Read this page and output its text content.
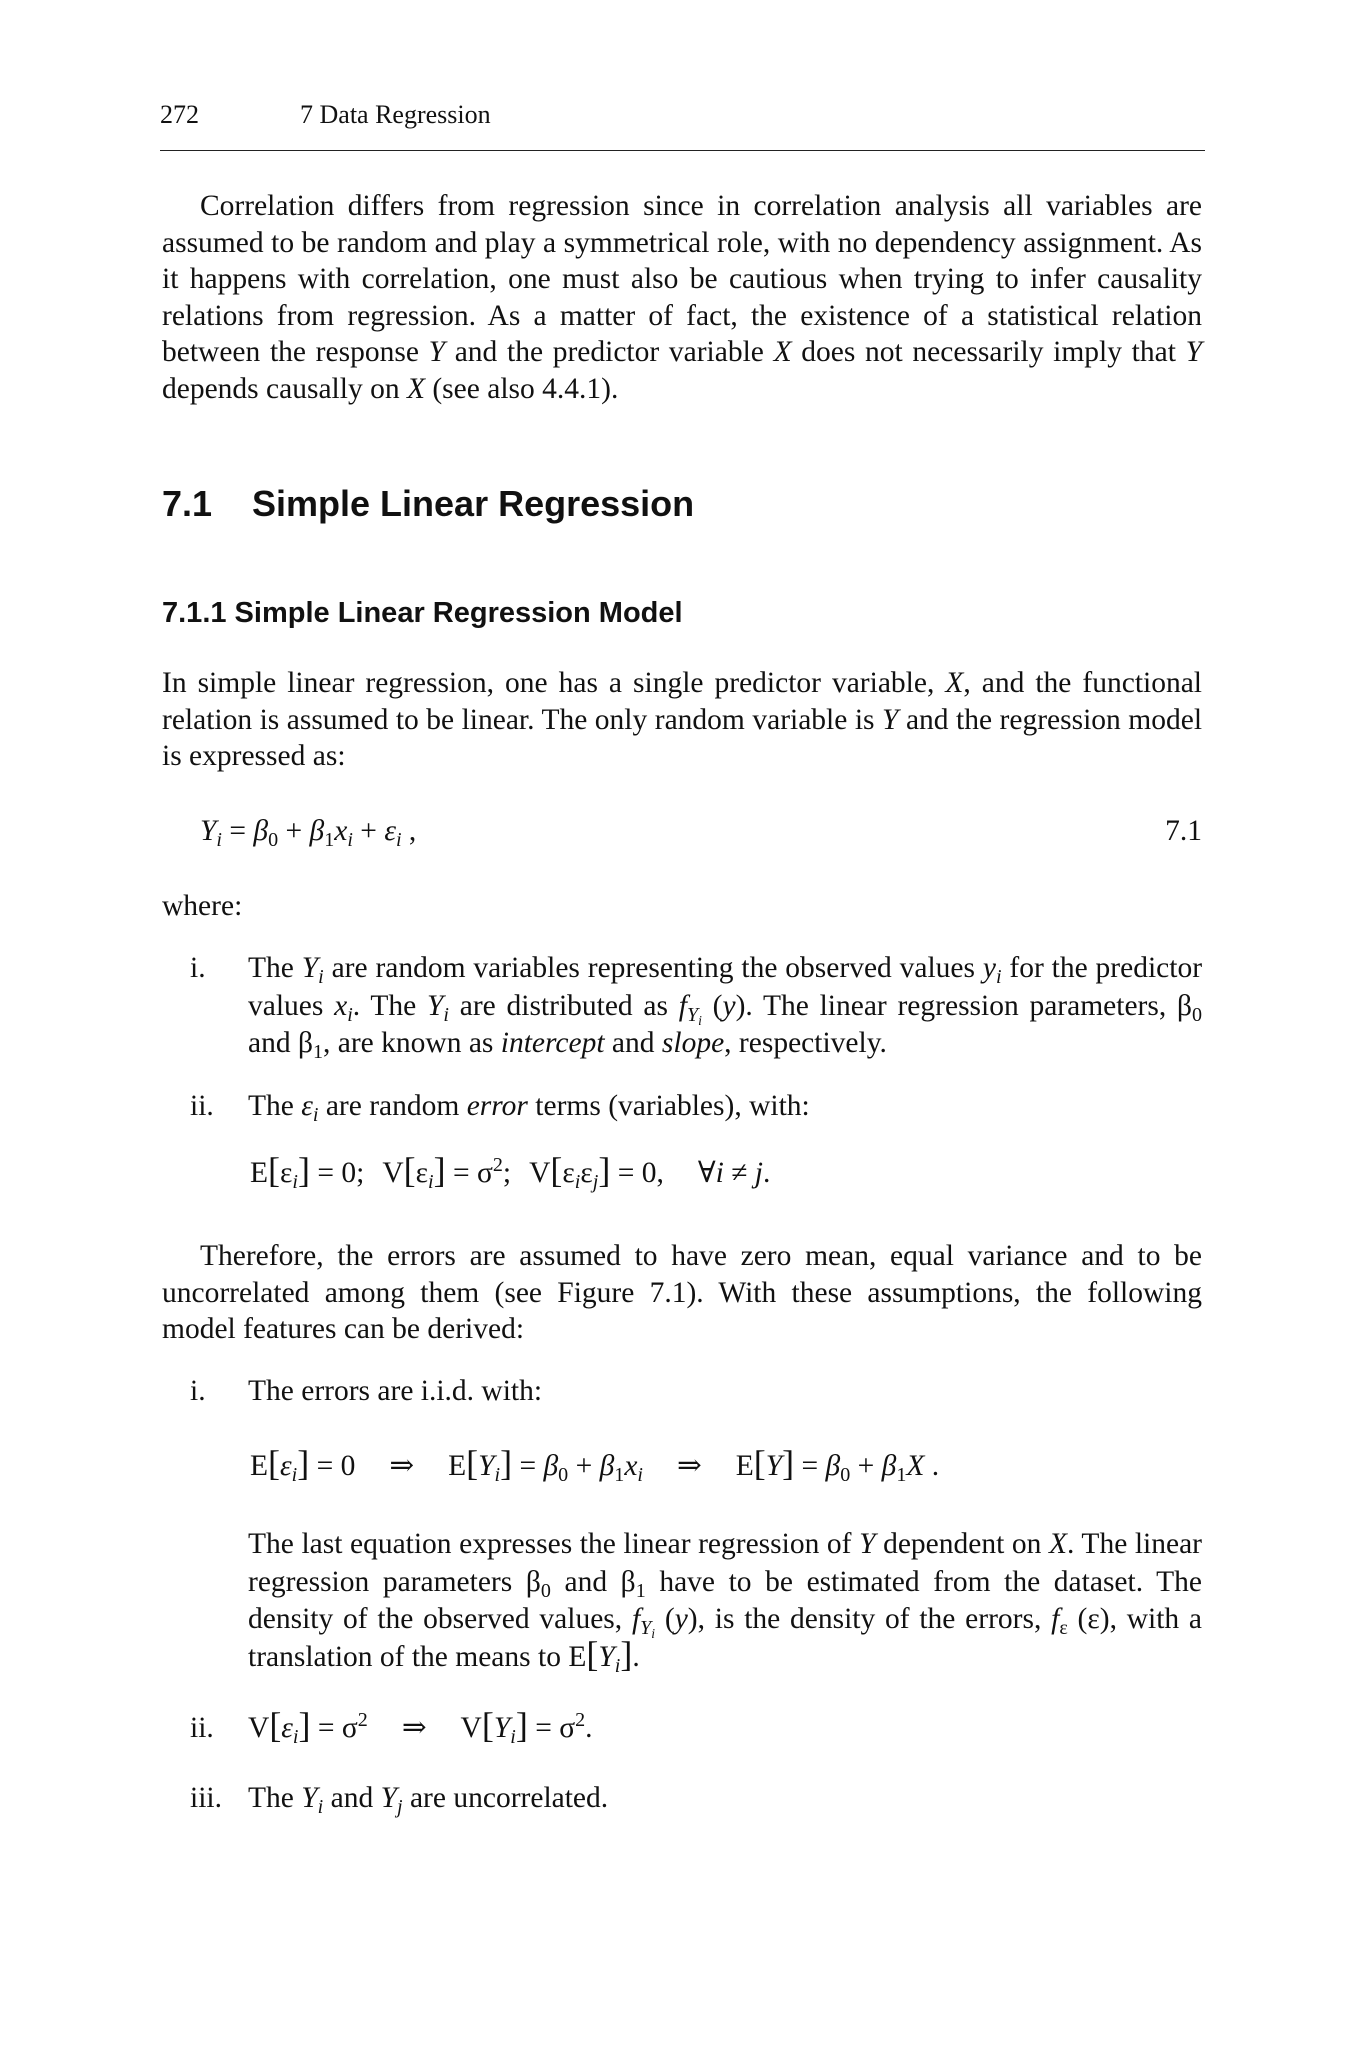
272	7 Data Regression

Correlation differs from regression since in correlation analysis all variables are assumed to be random and play a symmetrical role, with no dependency assignment. As it happens with correlation, one must also be cautious when trying to infer causality relations from regression. As a matter of fact, the existence of a statistical relation between the response Y and the predictor variable X does not necessarily imply that Y depends causally on X (see also 4.4.1).

7.1 Simple Linear Regression
7.1.1 Simple Linear Regression Model

In simple linear regression, one has a single predictor variable, X, and the functional relation is assumed to be linear. The only random variable is Y and the regression model is expressed as:

$Y_i = \beta_0 + \beta_1x_i + \varepsilon_i$ ,	7.1

where:

i. The $Y_i$ are random variables representing the observed values $y_i$ for the predictor values $x_i$. The $Y_i$ are distributed as $f_{Y_i}$ (y). The linear regression parameters, $\beta_0$ and $\beta_1$, are known as intercept and slope, respectively.
ii. The $\varepsilon_i$ are random error terms (variables), with:
$E[\varepsilon_i] = 0$; $V[\varepsilon_i] = \sigma^2$; $V[\varepsilon_i\varepsilon_j] = 0$, ∀i ≠ j.

Therefore, the errors are assumed to have zero mean, equal variance and to be uncorrelated among them (see Figure 7.1). With these assumptions, the following model features can be derived:

i. The errors are i.i.d. with:
$E[\varepsilon_i] = 0$ ⇒ $E[Y_i] = \beta_0 + \beta_1x_i$ ⇒ $E[Y] = \beta_0 + \beta_1X$ .
The last equation expresses the linear regression of Y dependent on X. The linear regression parameters $\beta_0$ and $\beta_1$ have to be estimated from the dataset. The density of the observed values, $f_{Y_i}$ (y), is the density of the errors, $f_\varepsilon$ (ε), with a translation of the means to $E[Y_i]$.
ii. $V[\varepsilon_i] = \sigma^2$ ⇒ $V[Y_i] = \sigma^2$.
iii. The $Y_i$ and $Y_j$ are uncorrelated.
